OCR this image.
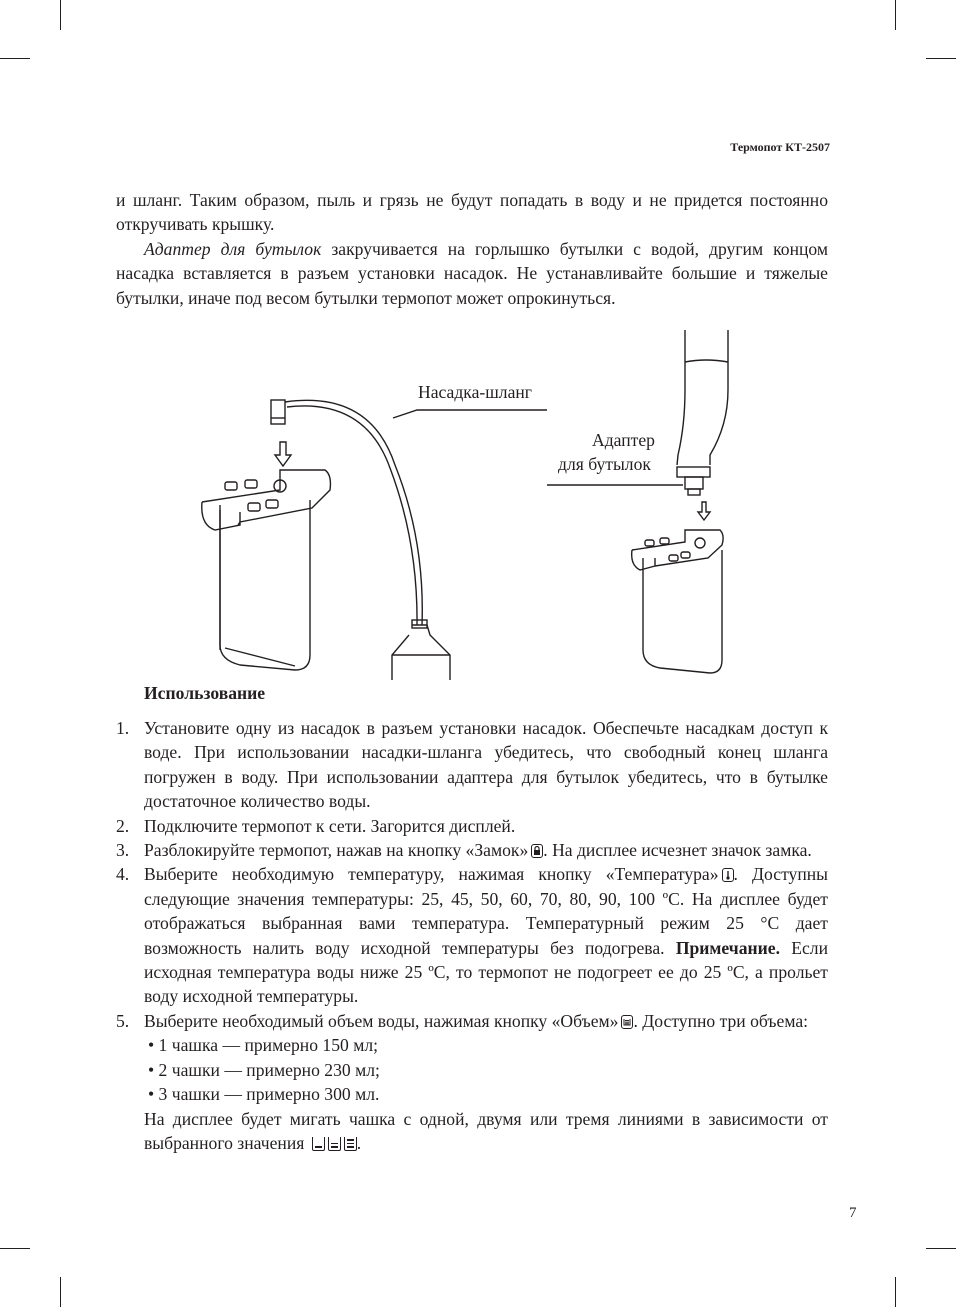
Термопот КТ-2507

и шланг. Таким образом, пыль и грязь не будут попадать в воду и не придется постоянно откручивать крышку.

Адаптер для бутылок закручивается на горлышко бутылки с водой, другим концом насадка вставляется в разъем установки насадок. Не устанавливайте большие и тяжелые бутылки, иначе под весом бутылки термопот может опрокинуться.

Насадка-шланг
Адаптер
для бутылок
Использование
1. Установите одну из насадок в разъем установки насадок. Обеспечьте насадкам доступ к воде. При использовании насадки-шланга убедитесь, что свободный конец шланга погружен в воду. При использовании адаптера для бутылок убедитесь, что в бутылке достаточное количество воды.
2. Подключите термопот к сети. Загорится дисплей.
3. Разблокируйте термопот, нажав на кнопку «Замок» . На дисплее исчезнет значок замка.
4. Выберите необходимую температуру, нажимая кнопку «Температура» . Доступны следующие значения температуры: 25, 45, 50, 60, 70, 80, 90, 100 ºC. На дисплее будет отображаться выбранная вами температура. Температурный режим 25 °C дает возможность налить воду исходной температуры без подогрева. Примечание. Если исходная температура воды ниже 25 ºC, то термопот не подогреет ее до 25 ºC, а прольет воду исходной температуры.
5. Выберите необходимый объем воды, нажимая кнопку «Объем» . Доступно три объема:
• 1 чашка — примерно 150 мл;
• 2 чашки — примерно 230 мл;
• 3 чашки — примерно 300 мл.
На дисплее будет мигать чашка с одной, двумя или тремя линиями в зависимости от выбранного значения	.
7
